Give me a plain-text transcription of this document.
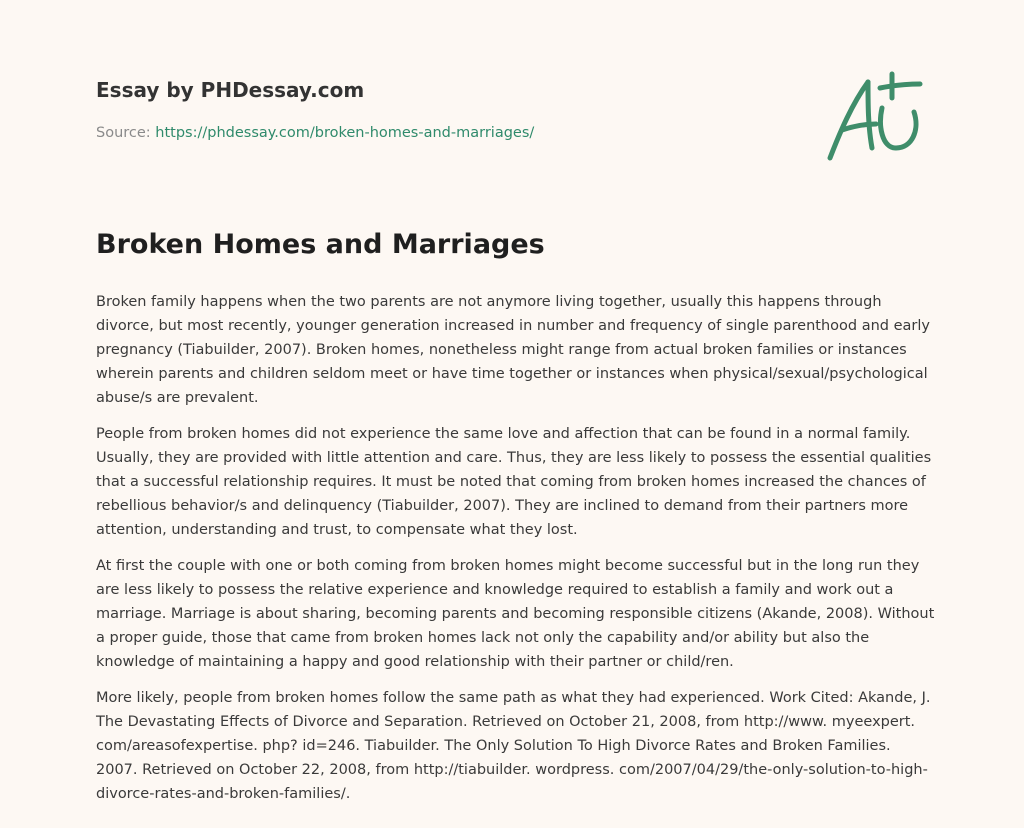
Essay by PHDessay.com
Source: https://phdessay.com/broken-homes-and-marriages/
Broken Homes and Marriages

Broken family happens when the two parents are not anymore living together, usually this happens through divorce, but most recently, younger generation increased in number and frequency of single parenthood and early pregnancy (Tiabuilder, 2007). Broken homes, nonetheless might range from actual broken families or instances wherein parents and children seldom meet or have time together or instances when physical/sexual/psychological abuse/s are prevalent.

People from broken homes did not experience the same love and affection that can be found in a normal family. Usually, they are provided with little attention and care. Thus, they are less likely to possess the essential qualities that a successful relationship requires. It must be noted that coming from broken homes increased the chances of rebellious behavior/s and delinquency (Tiabuilder, 2007). They are inclined to demand from their partners more attention, understanding and trust, to compensate what they lost.

At first the couple with one or both coming from broken homes might become successful but in the long run they are less likely to possess the relative experience and knowledge required to establish a family and work out a marriage. Marriage is about sharing, becoming parents and becoming responsible citizens (Akande, 2008). Without a proper guide, those that came from broken homes lack not only the capability and/or ability but also the knowledge of maintaining a happy and good relationship with their partner or child/ren.

More likely, people from broken homes follow the same path as what they had experienced. Work Cited: Akande, J. The Devastating Effects of Divorce and Separation. Retrieved on October 21, 2008, from http://www. myeexpert. com/areasofexpertise. php? id=246. Tiabuilder. The Only Solution To High Divorce Rates and Broken Families. 2007. Retrieved on October 22, 2008, from http://tiabuilder. wordpress. com/2007/04/29/the-only-solution-to-high-divorce-rates-and-broken-families/.
